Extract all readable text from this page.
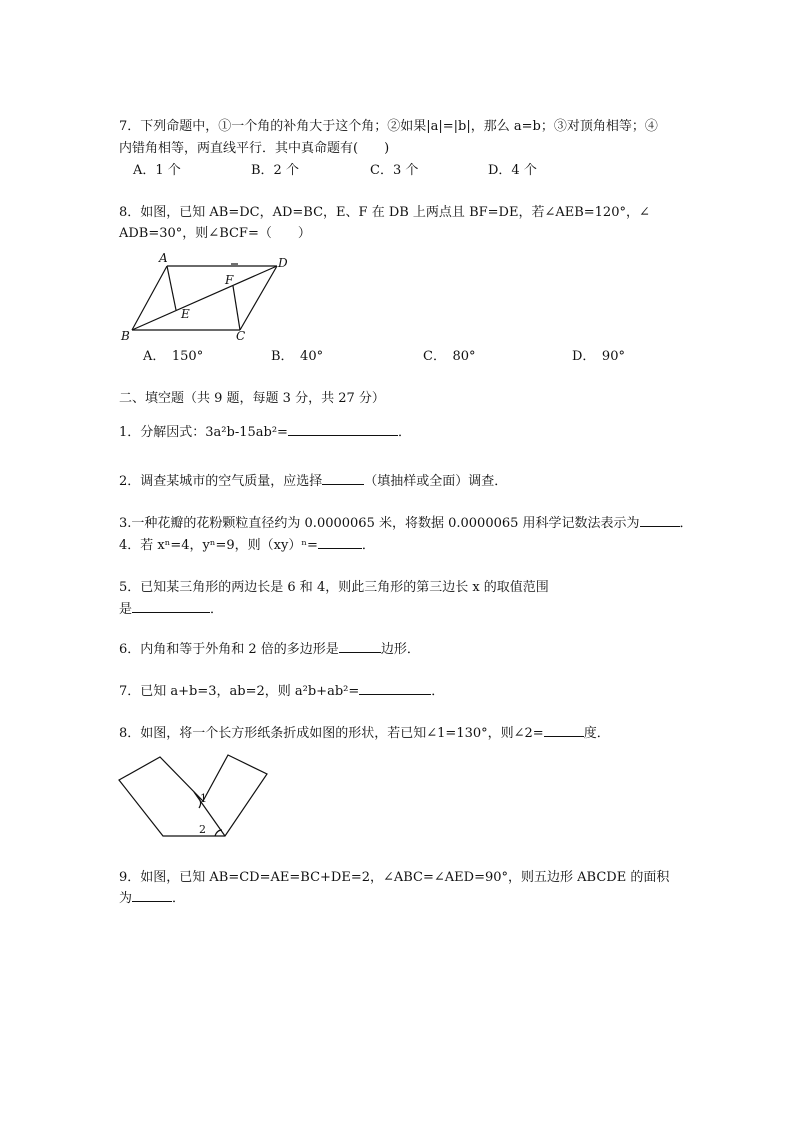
7．下列命题中，①一个角的补角大于这个角；②如果|a|=|b|，那么 a=b；③对顶角相等；④
内错角相等，两直线平行．其中真命题有(　　)
A．1 个	B．2 个	C．3 个	D．4 个
8．如图，已知 AB=DC，AD=BC，E、F 在 DB 上两点且 BF=DE，若∠AEB=120°，∠
ADB=30°，则∠BCF=（　　）
A	D
F
E
B	C
A．　150°	B．　40°	C．　80°	D．　90°
二、填空题（共 9 题，每题 3 分，共 27 分）
1．分解因式：3a²b-15ab²=	．
2．调查某城市的空气质量，应选择	（填抽样或全面）调查．
3.一种花瓣的花粉颗粒直径约为 0.0000065 米，将数据 0.0000065 用科学记数法表示为	．
4．若 xⁿ=4，yⁿ=9，则（xy）ⁿ=	．
5．已知某三角形的两边长是 6 和 4，则此三角形的第三边长 x 的取值范围
是	．
6．内角和等于外角和 2 倍的多边形是	边形．
7．已知 a+b=3，ab=2，则 a²b+ab²=	．
8．如图，将一个长方形纸条折成如图的形状，若已知∠1=130°，则∠2=	度．
1
2
9．如图，已知 AB=CD=AE=BC+DE=2，∠ABC=∠AED=90°，则五边形 ABCDE 的面积
为	．
